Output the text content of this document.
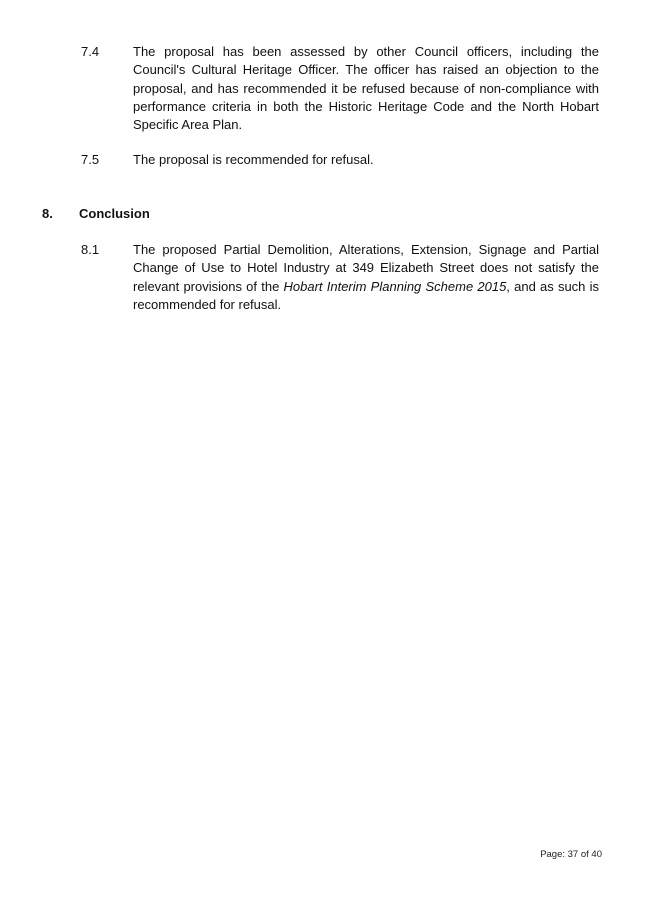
7.4	The proposal has been assessed by other Council officers, including the Council's Cultural Heritage Officer. The officer has raised an objection to the proposal, and has recommended it be refused because of non-compliance with performance criteria in both the Historic Heritage Code and the North Hobart Specific Area Plan.
7.5	The proposal is recommended for refusal.
8. Conclusion
8.1	The proposed Partial Demolition, Alterations, Extension, Signage and Partial Change of Use to Hotel Industry at 349 Elizabeth Street does not satisfy the relevant provisions of the Hobart Interim Planning Scheme 2015, and as such is recommended for refusal.
Page: 37 of 40
